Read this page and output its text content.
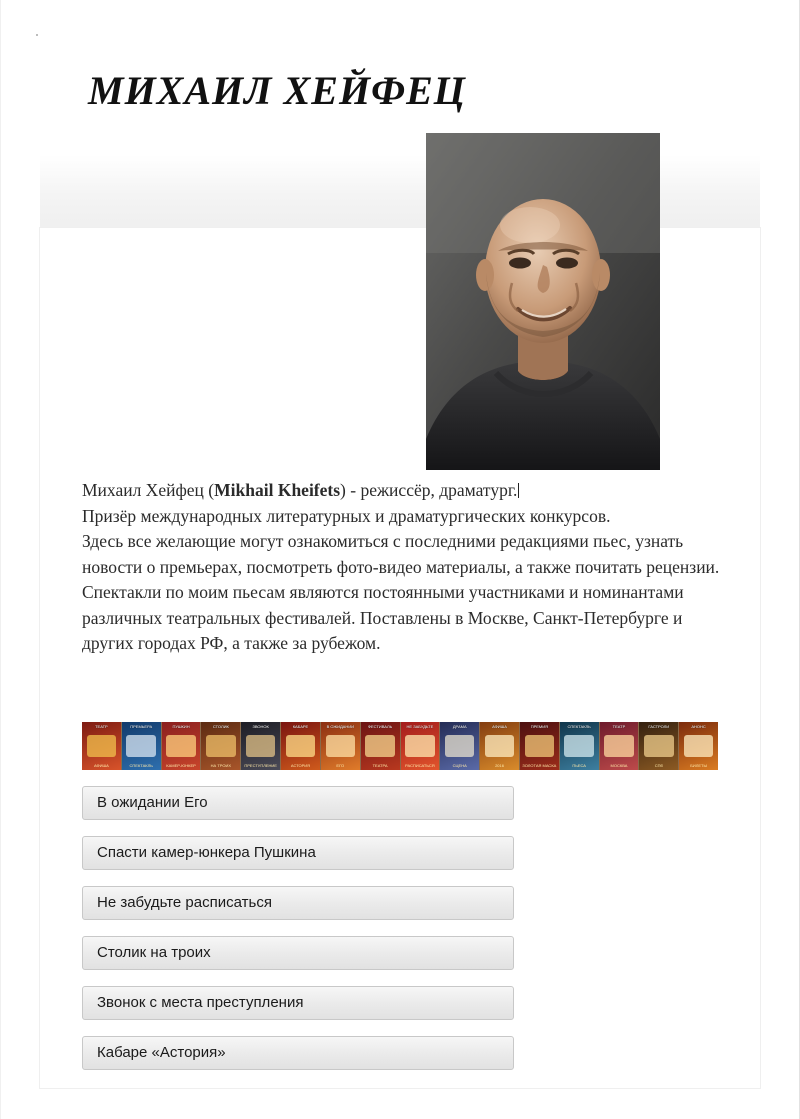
МИХАИЛ ХЕЙФЕЦ

Михаил Хейфец (Mikhail Kheifets) - режиссёр, драматург.

Призёр международных литературных и драматургических конкурсов.

Здесь все желающие могут ознакомиться с последними редакциями пьес, узнать новости о премьерах, посмотреть фото-видео материалы, а также почитать рецензии.

Спектакли по моим пьесам являются постоянными участниками и номинантами различных театральных фестивалей. Поставлены в Москве, Санкт-Петербурге и других городах РФ, а также за рубежом.

ТЕАТР
АФИША
ПРЕМЬЕРА
СПЕКТАКЛЬ
ПУШКИН
КАМЕР-ЮНКЕР
СТОЛИК
НА ТРОИХ
ЗВОНОК
ПРЕСТУПЛЕНИЕ
КАБАРЕ
АСТОРИЯ
В ОЖИДАНИИ
ЕГО
ФЕСТИВАЛЬ
ТЕАТРА
НЕ ЗАБУДЬТЕ
РАСПИСАТЬСЯ
ДРАМА
СЦЕНА
АФИША
2016
ПРЕМИЯ
ЗОЛОТАЯ МАСКА
СПЕКТАКЛЬ
ПЬЕСА
ТЕАТР
МОСКВА
ГАСТРОЛИ
СПб
АНОНС
БИЛЕТЫ
В ожидании Его
Спасти камер-юнкера Пушкина
Не забудьте расписаться
Столик на троих
Звонок с места преступления
Кабаре «Астория»
